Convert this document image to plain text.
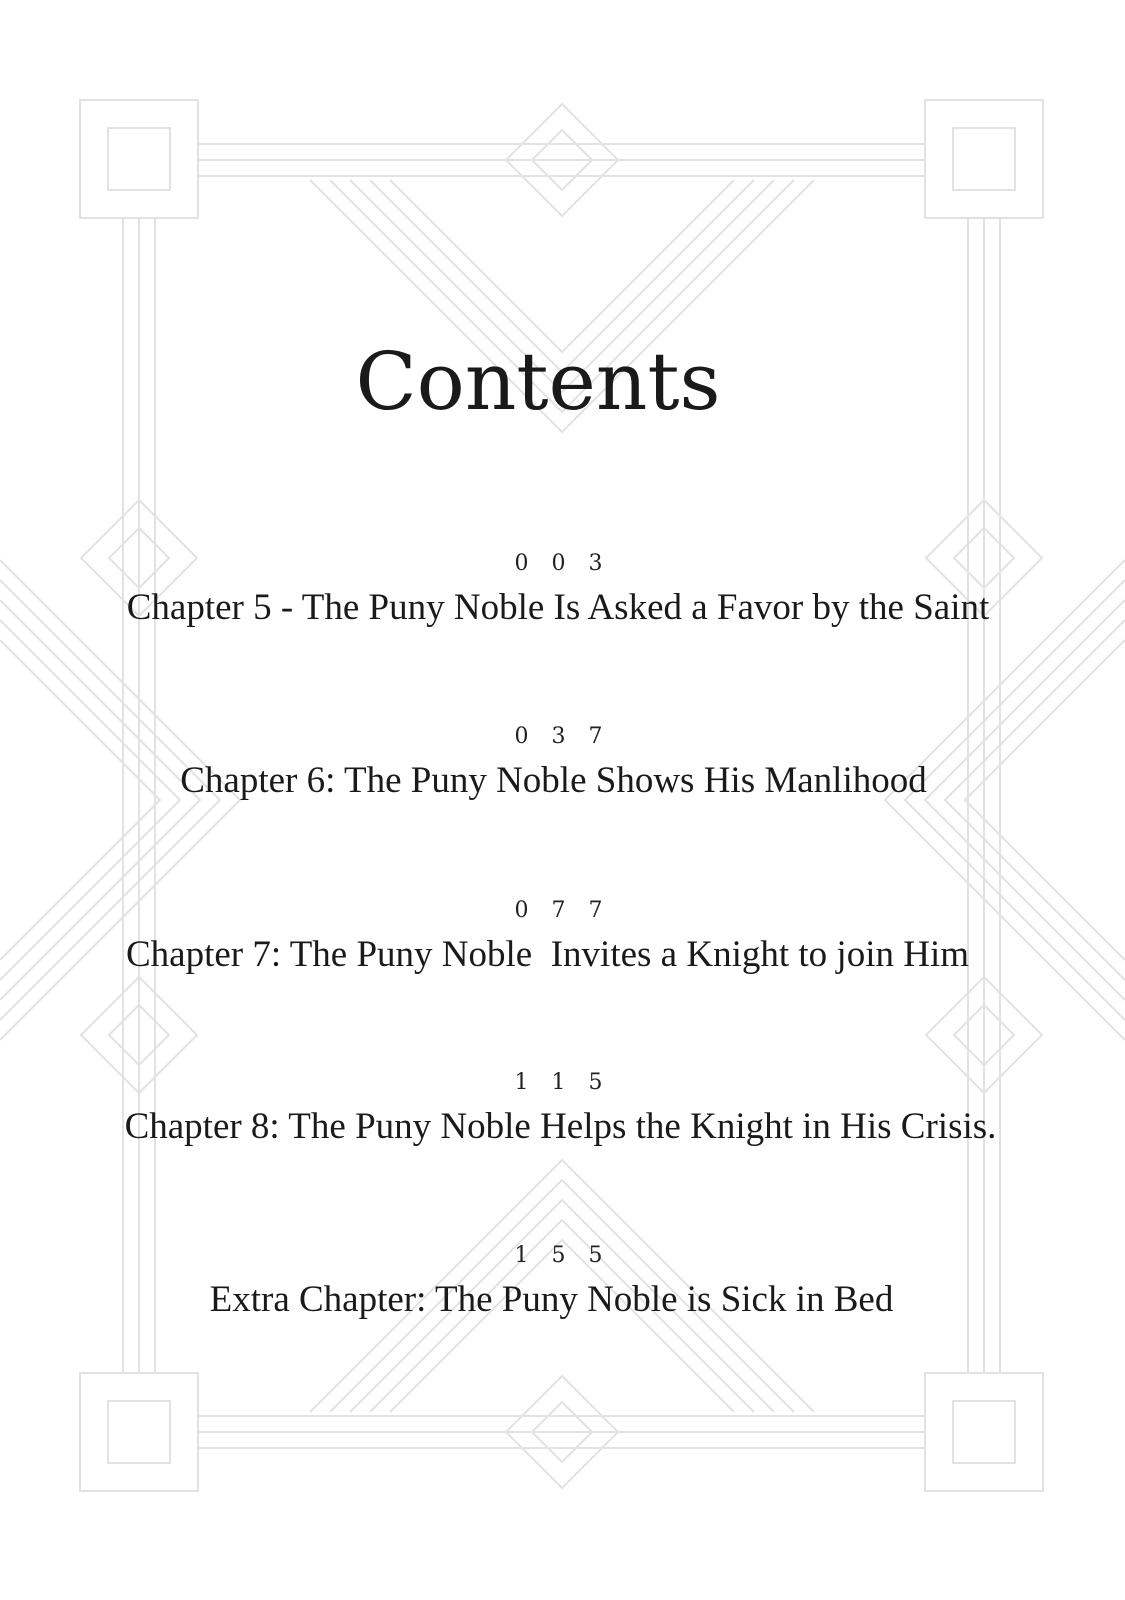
Contents
0 0 3
Chapter 5 - The Puny Noble Is Asked a Favor by the Saint
0 3 7
Chapter 6: The Puny Noble Shows His Manlihood
0 7 7
Chapter 7: The Puny Noble  Invites a Knight to join Him
1 1 5
Chapter 8: The Puny Noble Helps the Knight in His Crisis.
1 5 5
Extra Chapter: The Puny Noble is Sick in Bed
